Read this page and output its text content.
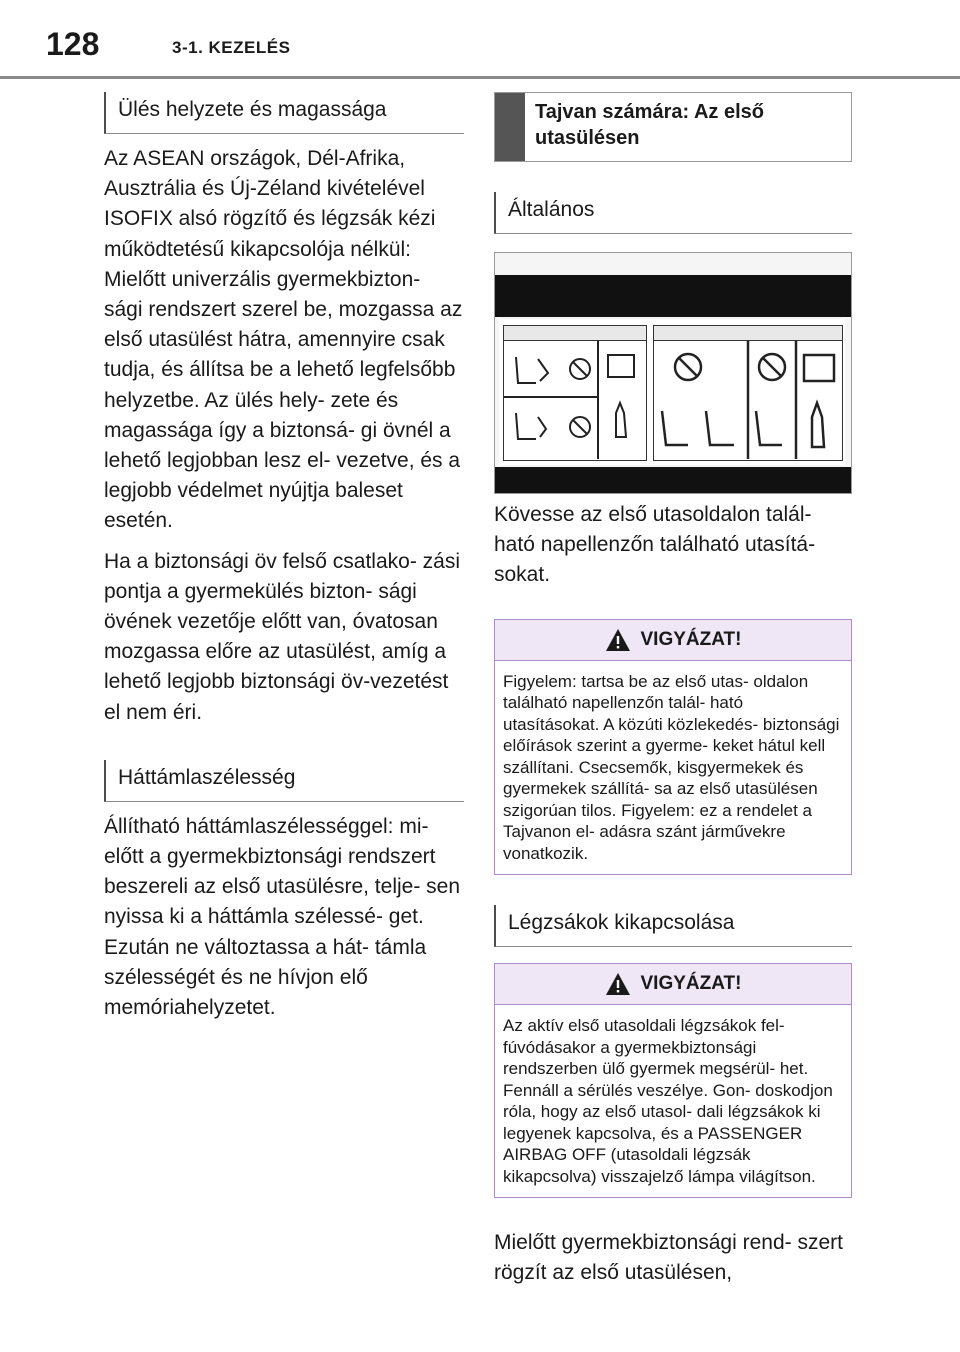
128	3-1. KEZELÉS
Ülés helyzete és magassága

Az ASEAN országok, Dél-Afrika, Ausztrália és Új-Zéland kivételével ISOFIX alsó rögzítő és légzsák kézi működtetésű kikapcsolója nélkül: Mielőtt univerzális gyermekbizton- sági rendszert szerel be, mozgassa az első utasülést hátra, amennyire csak tudja, és állítsa be a lehető legfelsőbb helyzetbe. Az ülés hely- zete és magassága így a biztonsá- gi övnél a lehető legjobban lesz el- vezetve, és a legjobb védelmet nyújtja baleset esetén.

Ha a biztonsági öv felső csatlako- zási pontja a gyermekülés bizton- sági övének vezetője előtt van, óvatosan mozgassa előre az utasülést, amíg a lehető legjobb biztonsági öv-vezetést el nem éri.

Háttámlaszélesség

Állítható háttámlaszélességgel: mi- előtt a gyermekbiztonsági rendszert beszereli az első utasülésre, telje- sen nyissa ki a háttámla szélessé- get. Ezután ne változtassa a hát- támla szélességét és ne hívjon elő memóriahelyzetet.

Tajvan számára: Az első utasülésen
Általános

Kövesse az első utasoldalon talál- ható napellenzőn található utasítá- sokat.

VIGYÁZAT!
Figyelem: tartsa be az első utas- oldalon található napellenzőn talál- ható utasításokat. A közúti közlekedés- biztonsági előírások szerint a gyerme- keket hátul kell szállítani. Csecsemők, kisgyermekek és gyermekek szállítá- sa az első utasülésen szigorúan tilos. Figyelem: ez a rendelet a Tajvanon el- adásra szánt járművekre vonatkozik.
Légzsákok kikapcsolása
VIGYÁZAT!
Az aktív első utasoldali légzsákok fel- fúvódásakor a gyermekbiztonsági rendszerben ülő gyermek megsérül- het. Fennáll a sérülés veszélye. Gon- doskodjon róla, hogy az első utasol- dali légzsákok ki legyenek kapcsolva, és a PASSENGER AIRBAG OFF (utasoldali légzsák kikapcsolva) visszajelző lámpa világítson.

Mielőtt gyermekbiztonsági rend- szert rögzít az első utasülésen,
